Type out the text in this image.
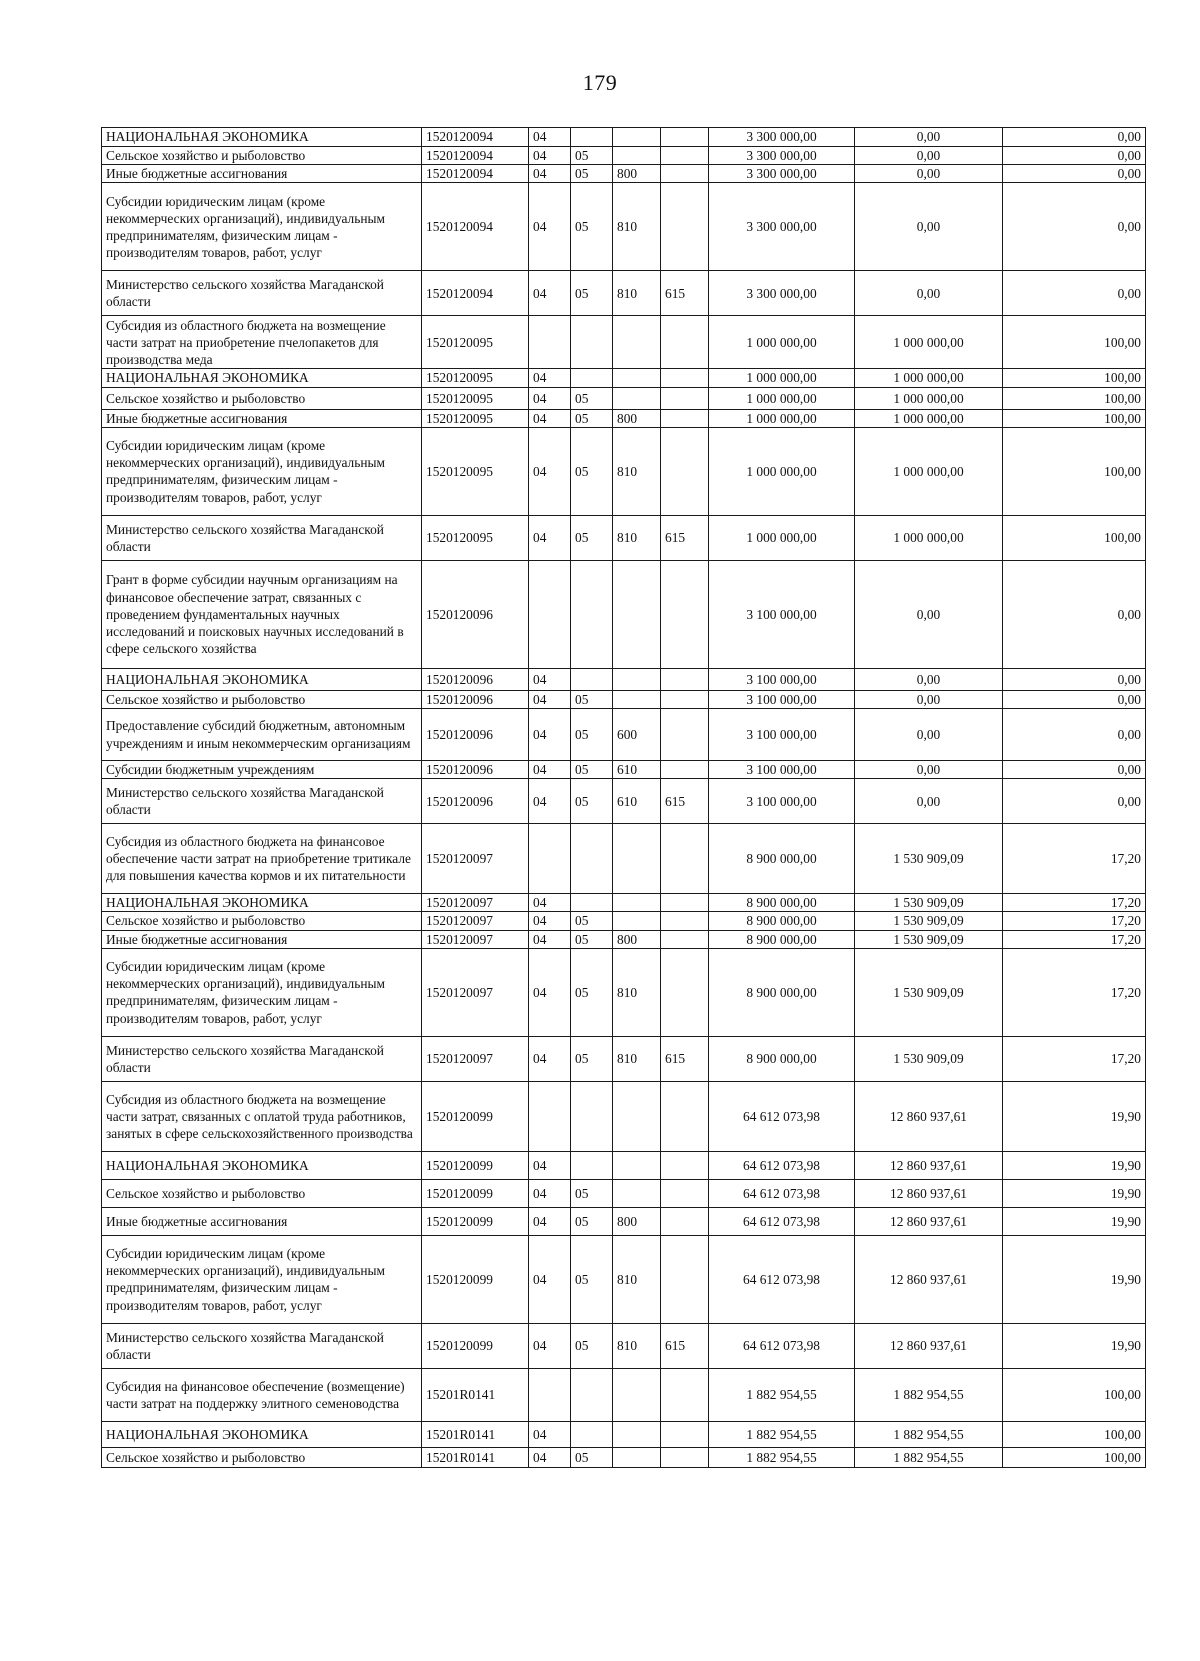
179
НАЦИОНАЛЬНАЯ ЭКОНОМИКА	1520120094	04				3 300 000,00	0,00	0,00
Сельское хозяйство и рыболовство	1520120094	04	05			3 300 000,00	0,00	0,00
Иные бюджетные ассигнования	1520120094	04	05	800		3 300 000,00	0,00	0,00
Субсидии юридическим лицам (кроме некоммерческих организаций), индивидуальным предпринимателям, физическим лицам - производителям товаров, работ, услуг	1520120094	04	05	810		3 300 000,00	0,00	0,00
Министерство сельского хозяйства Магаданской области	1520120094	04	05	810	615	3 300 000,00	0,00	0,00
Субсидия из областного бюджета на возмещение части затрат на приобретение пчелопакетов для производства меда	1520120095					1 000 000,00	1 000 000,00	100,00
НАЦИОНАЛЬНАЯ ЭКОНОМИКА	1520120095	04				1 000 000,00	1 000 000,00	100,00
Сельское хозяйство и рыболовство	1520120095	04	05			1 000 000,00	1 000 000,00	100,00
Иные бюджетные ассигнования	1520120095	04	05	800		1 000 000,00	1 000 000,00	100,00
Субсидии юридическим лицам (кроме некоммерческих организаций), индивидуальным предпринимателям, физическим лицам - производителям товаров, работ, услуг	1520120095	04	05	810		1 000 000,00	1 000 000,00	100,00
Министерство сельского хозяйства Магаданской области	1520120095	04	05	810	615	1 000 000,00	1 000 000,00	100,00
Грант в форме субсидии научным организациям на финансовое обеспечение затрат, связанных с проведением фундаментальных научных исследований и поисковых научных исследований в сфере сельского хозяйства	1520120096					3 100 000,00	0,00	0,00
НАЦИОНАЛЬНАЯ ЭКОНОМИКА	1520120096	04				3 100 000,00	0,00	0,00
Сельское хозяйство и рыболовство	1520120096	04	05			3 100 000,00	0,00	0,00
Предоставление субсидий бюджетным, автономным учреждениям и иным некоммерческим организациям	1520120096	04	05	600		3 100 000,00	0,00	0,00
Субсидии бюджетным учреждениям	1520120096	04	05	610		3 100 000,00	0,00	0,00
Министерство сельского хозяйства Магаданской области	1520120096	04	05	610	615	3 100 000,00	0,00	0,00
Субсидия из областного бюджета на финансовое обеспечение части затрат на приобретение тритикале для повышения качества кормов и их питательности	1520120097					8 900 000,00	1 530 909,09	17,20
НАЦИОНАЛЬНАЯ ЭКОНОМИКА	1520120097	04				8 900 000,00	1 530 909,09	17,20
Сельское хозяйство и рыболовство	1520120097	04	05			8 900 000,00	1 530 909,09	17,20
Иные бюджетные ассигнования	1520120097	04	05	800		8 900 000,00	1 530 909,09	17,20
Субсидии юридическим лицам (кроме некоммерческих организаций), индивидуальным предпринимателям, физическим лицам - производителям товаров, работ, услуг	1520120097	04	05	810		8 900 000,00	1 530 909,09	17,20
Министерство сельского хозяйства Магаданской области	1520120097	04	05	810	615	8 900 000,00	1 530 909,09	17,20
Субсидия из областного бюджета на возмещение части затрат, связанных с оплатой труда работников, занятых в сфере сельскохозяйственного производства	1520120099					64 612 073,98	12 860 937,61	19,90
НАЦИОНАЛЬНАЯ ЭКОНОМИКА	1520120099	04				64 612 073,98	12 860 937,61	19,90
Сельское хозяйство и рыболовство	1520120099	04	05			64 612 073,98	12 860 937,61	19,90
Иные бюджетные ассигнования	1520120099	04	05	800		64 612 073,98	12 860 937,61	19,90
Субсидии юридическим лицам (кроме некоммерческих организаций), индивидуальным предпринимателям, физическим лицам - производителям товаров, работ, услуг	1520120099	04	05	810		64 612 073,98	12 860 937,61	19,90
Министерство сельского хозяйства Магаданской области	1520120099	04	05	810	615	64 612 073,98	12 860 937,61	19,90
Субсидия на финансовое обеспечение (возмещение) части затрат на поддержку элитного семеноводства	15201R0141					1 882 954,55	1 882 954,55	100,00
НАЦИОНАЛЬНАЯ ЭКОНОМИКА	15201R0141	04				1 882 954,55	1 882 954,55	100,00
Сельское хозяйство и рыболовство	15201R0141	04	05			1 882 954,55	1 882 954,55	100,00
